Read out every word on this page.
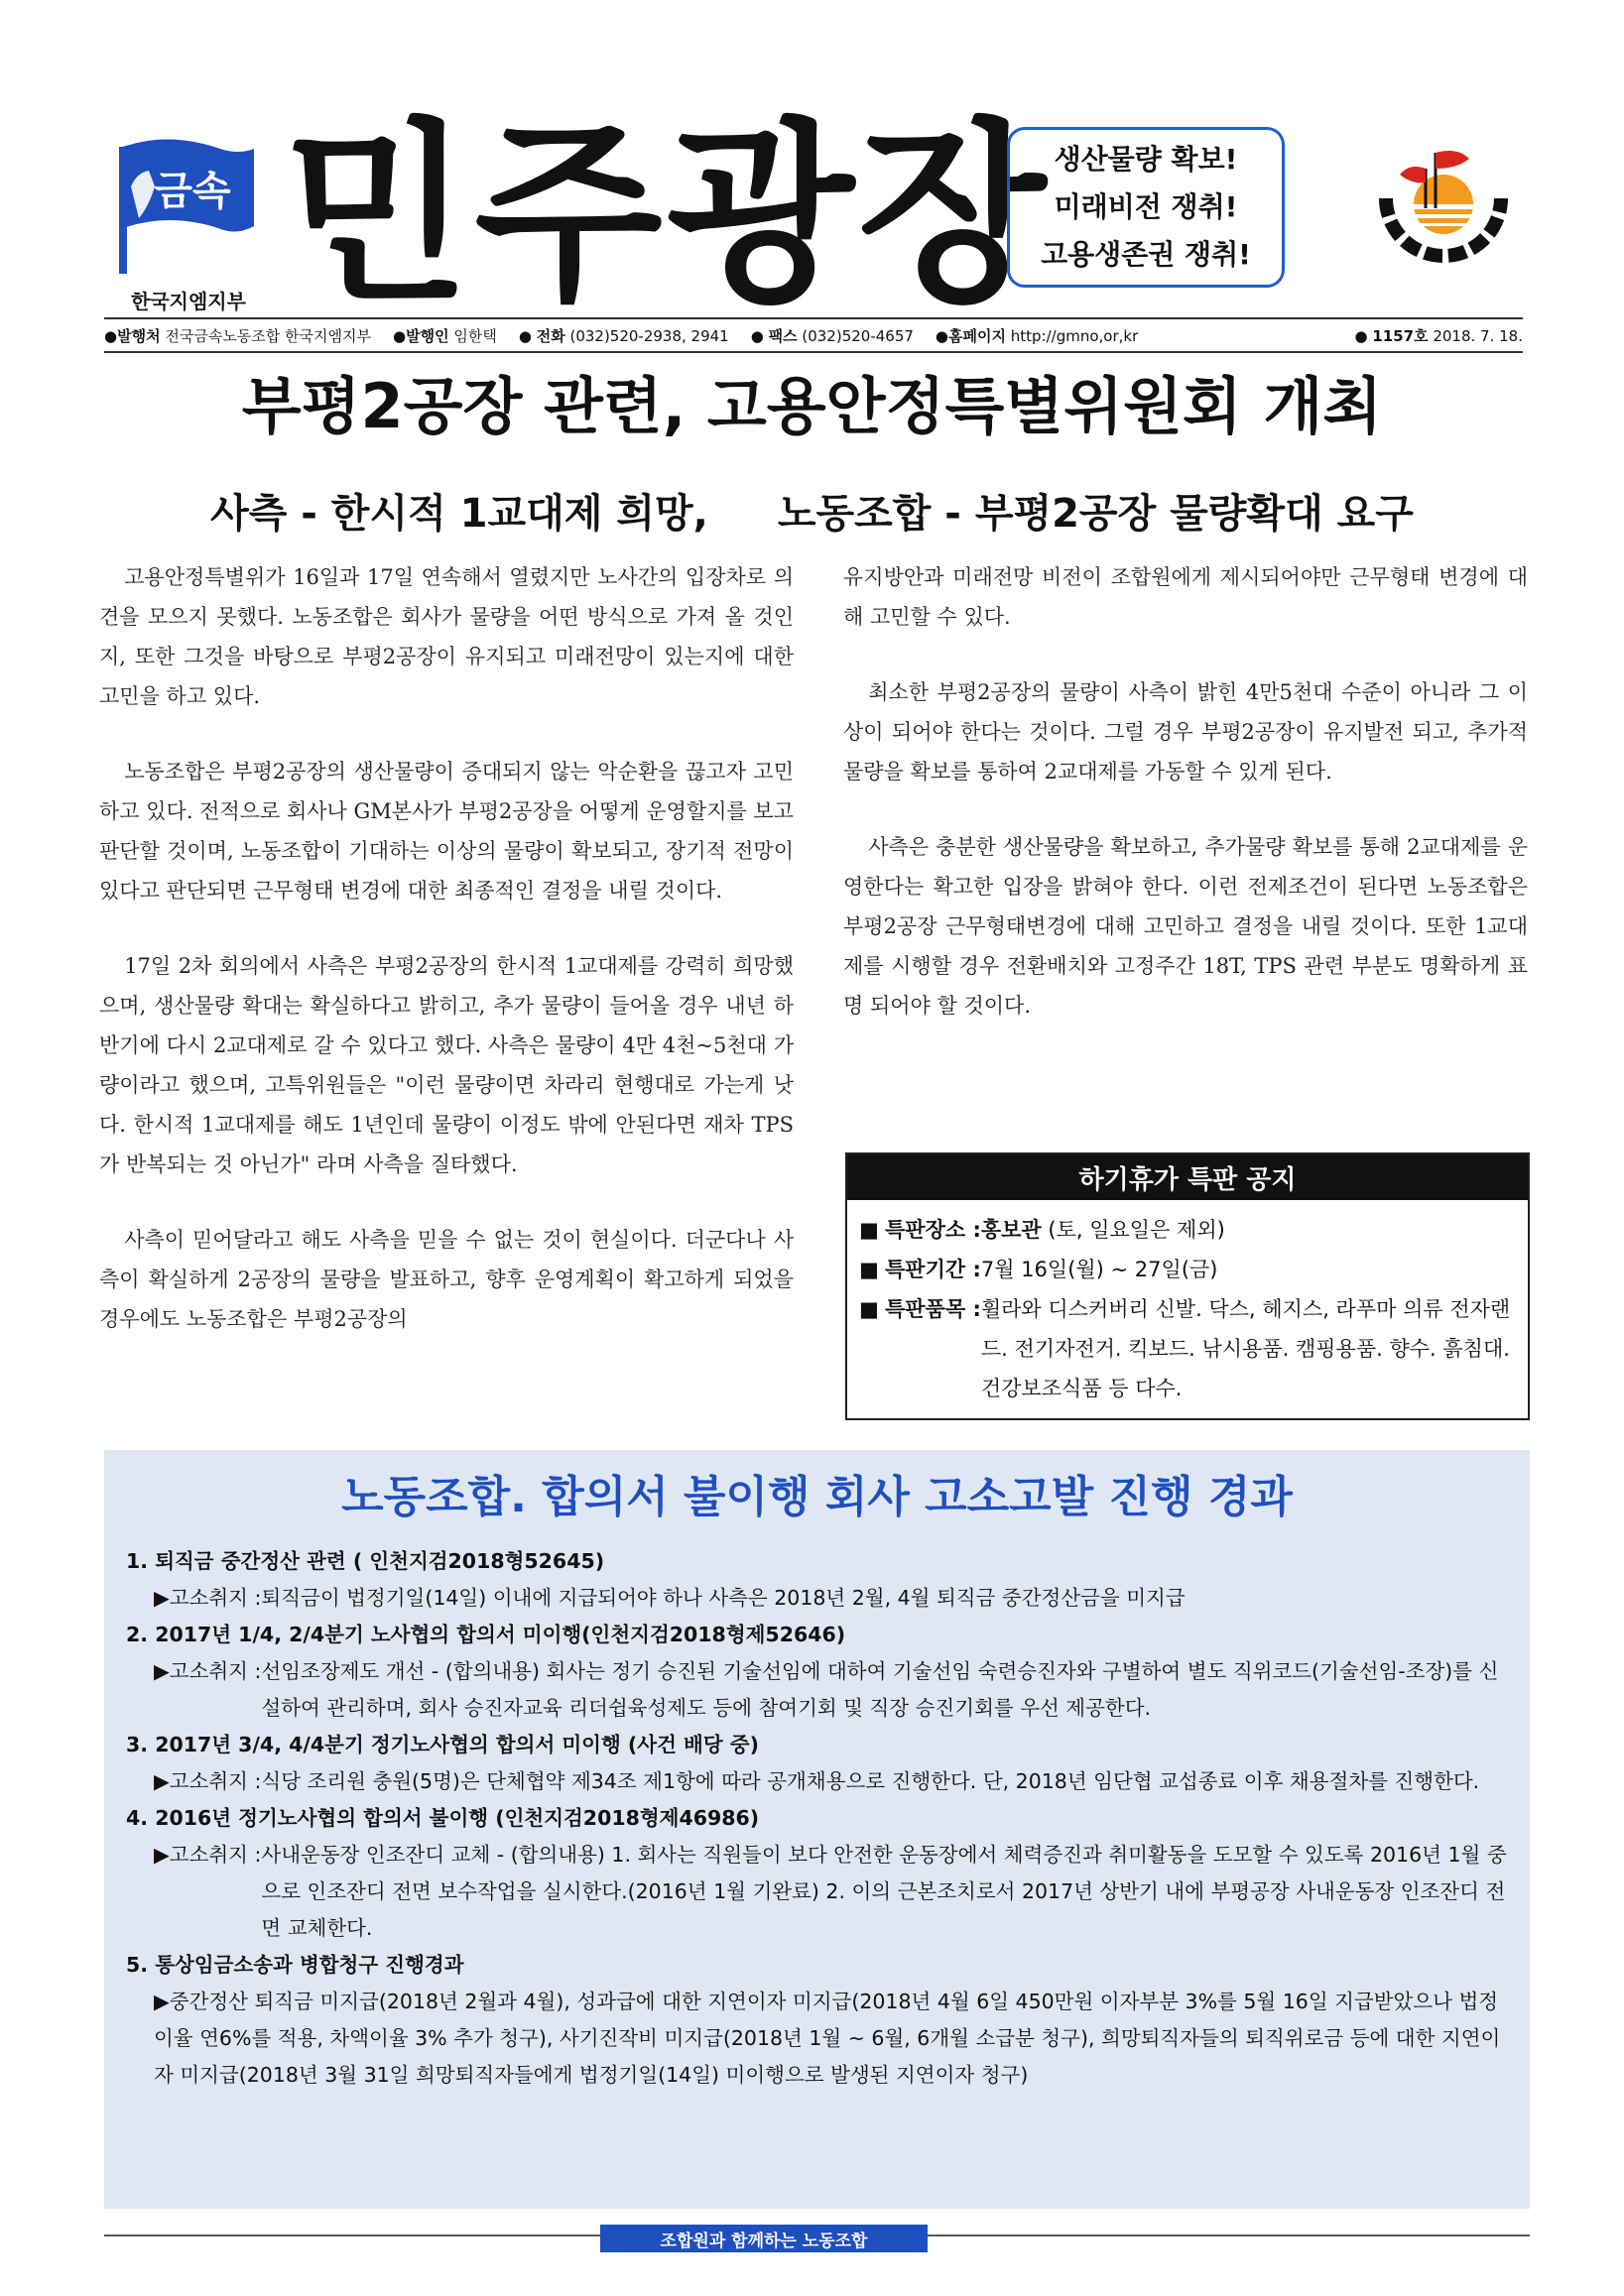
금속
한국지엠지부 민주광장 생산물량 확보!
미래비전 쟁취!
고용생존권 쟁취!
●발행처 전국금속노동조합 한국지엠지부 ●발행인 임한택 ● 전화 (032)520-2938, 2941 ● 팩스 (032)520-4657 ●홈페이지 http://gmno,or,kr	● 1157호 2018. 7. 18.
부평2공장 관련, 고용안정특별위원회 개최
사측 - 한시적 1교대제 희망, 노동조합 - 부평2공장 물량확대 요구

고용안정특별위가 16일과 17일 연속해서 열렸지만 노사간의 입장차로 의견을 모으지 못했다. 노동조합은 회사가 물량을 어떤 방식으로 가져 올 것인지, 또한 그것을 바탕으로 부평2공장이 유지되고 미래전망이 있는지에 대한 고민을 하고 있다.

노동조합은 부평2공장의 생산물량이 증대되지 않는 악순환을 끊고자 고민하고 있다. 전적으로 회사나 GM본사가 부평2공장을 어떻게 운영할지를 보고 판단할 것이며, 노동조합이 기대하는 이상의 물량이 확보되고, 장기적 전망이 있다고 판단되면 근무형태 변경에 대한 최종적인 결정을 내릴 것이다.

17일 2차 회의에서 사측은 부평2공장의 한시적 1교대제를 강력히 희망했으며, 생산물량 확대는 확실하다고 밝히고, 추가 물량이 들어올 경우 내년 하반기에 다시 2교대제로 갈 수 있다고 했다. 사측은 물량이 4만 4천~5천대 가량이라고 했으며, 고특위원들은 "이런 물량이면 차라리 현행대로 가는게 낫다. 한시적 1교대제를 해도 1년인데 물량이 이정도 밖에 안된다면 재차 TPS가 반복되는 것 아닌가" 라며 사측을 질타했다.

사측이 믿어달라고 해도 사측을 믿을 수 없는 것이 현실이다. 더군다나 사측이 확실하게 2공장의 물량을 발표하고, 향후 운영계획이 확고하게 되었을 경우에도 노동조합은 부평2공장의

유지방안과 미래전망 비전이 조합원에게 제시되어야만 근무형태 변경에 대해 고민할 수 있다.

최소한 부평2공장의 물량이 사측이 밝힌 4만5천대 수준이 아니라 그 이상이 되어야 한다는 것이다. 그럴 경우 부평2공장이 유지발전 되고, 추가적 물량을 확보를 통하여 2교대제를 가동할 수 있게 된다.

사측은 충분한 생산물량을 확보하고, 추가물량 확보를 통해 2교대제를 운영한다는 확고한 입장을 밝혀야 한다. 이런 전제조건이 된다면 노동조합은 부평2공장 근무형태변경에 대해 고민하고 결정을 내릴 것이다. 또한 1교대제를 시행할 경우 전환배치와 고정주간 18T, TPS 관련 부분도 명확하게 표명 되어야 할 것이다.

하기휴가 특판 공지
■ 특판장소 : 홍보관 (토, 일요일은 제외)
■ 특판기간 : 7월 16일(월) ~ 27일(금)
■ 특판품목 : 휠라와 디스커버리 신발. 닥스, 헤지스, 라푸마 의류 전자랜드. 전기자전거. 킥보드. 낚시용품. 캠핑용품. 향수. 흙침대. 건강보조식품 등 다수.
노동조합. 합의서 불이행 회사 고소고발 진행 경과
1. 퇴직금 중간정산 관련 ( 인천지검2018형52645)
▶고소취지 : 퇴직금이 법정기일(14일) 이내에 지급되어야 하나 사측은 2018년 2월, 4월 퇴직금 중간정산금을 미지급
2. 2017년 1/4, 2/4분기 노사협의 합의서 미이행(인천지검2018형제52646)
▶고소취지 : 선임조장제도 개선 - (합의내용) 회사는 정기 승진된 기술선임에 대하여 기술선임 숙련승진자와 구별하여 별도 직위코드(기술선임-조장)를 신설하여 관리하며, 회사 승진자교육 리더쉽육성제도 등에 참여기회 및 직장 승진기회를 우선 제공한다.
3. 2017년 3/4, 4/4분기 정기노사협의 합의서 미이행 (사건 배당 중)
▶고소취지 : 식당 조리원 충원(5명)은 단체협약 제34조 제1항에 따라 공개채용으로 진행한다. 단, 2018년 임단협 교섭종료 이후 채용절차를 진행한다.
4. 2016년 정기노사협의 합의서 불이행 (인천지검2018형제46986)
▶고소취지 : 사내운동장 인조잔디 교체 - (합의내용) 1. 회사는 직원들이 보다 안전한 운동장에서 체력증진과 취미활동을 도모할 수 있도록 2016년 1월 중으로 인조잔디 전면 보수작업을 실시한다.(2016년 1월 기완료) 2. 이의 근본조치로서 2017년 상반기 내에 부평공장 사내운동장 인조잔디 전면 교체한다.
5. 통상임금소송과 병합청구 진행경과
▶중간정산 퇴직금 미지급(2018년 2월과 4월), 성과급에 대한 지연이자 미지급(2018년 4월 6일 450만원 이자부분 3%를 5월 16일 지급받았으나 법정이율 연6%를 적용, 차액이율 3% 추가 청구), 사기진작비 미지급(2018년 1월 ~ 6월, 6개월 소급분 청구), 희망퇴직자들의 퇴직위로금 등에 대한 지연이자 미지급(2018년 3월 31일 희망퇴직자들에게 법정기일(14일) 미이행으로 발생된 지연이자 청구)
조합원과 함께하는 노동조합
